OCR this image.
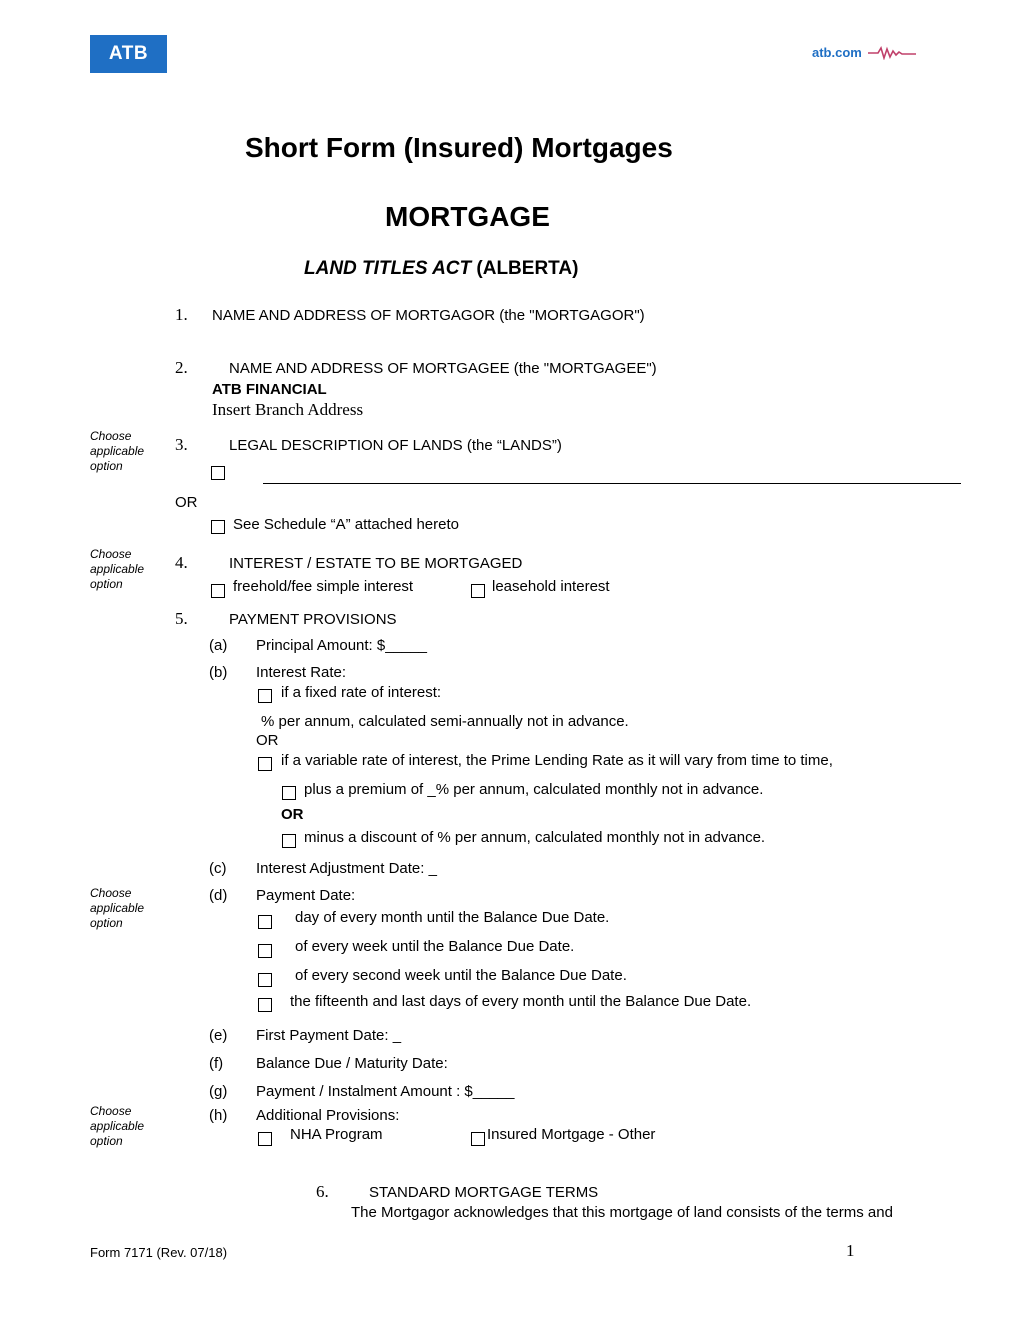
ATB	atb.com
Short Form (Insured) Mortgages
MORTGAGE
LAND TITLES ACT (ALBERTA)
1. NAME AND ADDRESS OF MORTGAGOR (the "MORTGAGOR")
2.	NAME AND ADDRESS OF MORTGAGEE (the "MORTGAGEE")
ATB FINANCIAL
Insert Branch Address
Choose applicable option
3.	LEGAL DESCRIPTION OF LANDS (the “LANDS”)
OR
See Schedule “A” attached hereto
Choose applicable option
4.	INTEREST / ESTATE TO BE MORTGAGED
freehold/fee simple interest	leasehold interest
5.	PAYMENT PROVISIONS
(a) Principal Amount: $_____
(b) Interest Rate:
if a fixed rate of interest:
% per annum, calculated semi-annually not in advance.
OR
if a variable rate of interest, the Prime Lending Rate as it will vary from time to time,
plus a premium of _% per annum, calculated monthly not in advance.
OR
minus a discount of % per annum, calculated monthly not in advance.
(c) Interest Adjustment Date: _
Choose applicable option
(d) Payment Date:
day of every month until the Balance Due Date.
of every week until the Balance Due Date.
of every second week until the Balance Due Date.
the fifteenth and last days of every month until the Balance Due Date.
(e) First Payment Date: _
(f) Balance Due / Maturity Date:
(g) Payment / Instalment Amount : $_____
Choose applicable option
(h) Additional Provisions:
NHA Program	Insured Mortgage - Other
6.	STANDARD MORTGAGE TERMS
The Mortgagor acknowledges that this mortgage of land consists of the terms and
Form 7171 (Rev. 07/18)	1
